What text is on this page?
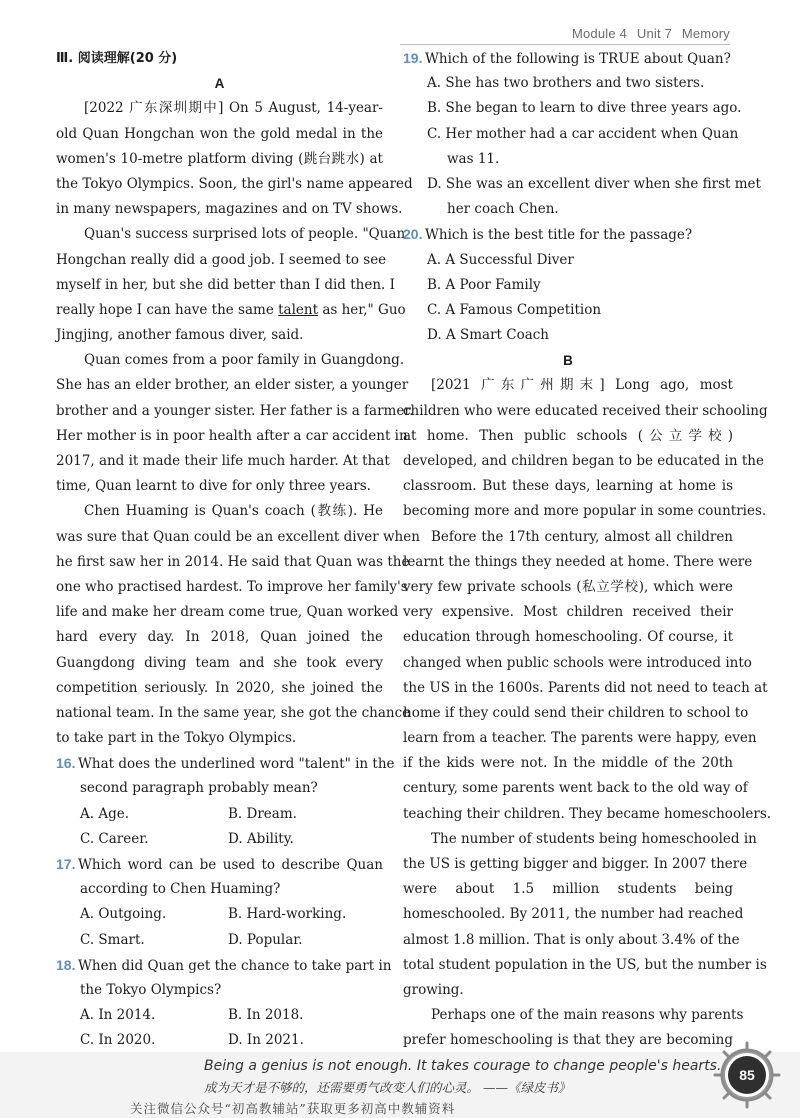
Module 4 Unit 7 Memory
Ⅲ. 阅读理解(20 分)
A
[2022 广东深圳期中] On 5 August, 14-year-
old Quan Hongchan won the gold medal in the
women's 10-metre platform diving (跳台跳水) at
the Tokyo Olympics. Soon, the girl's name appeared
in many newspapers, magazines and on TV shows.
Quan's success surprised lots of people. "Quan
Hongchan really did a good job. I seemed to see
myself in her, but she did better than I did then. I
really hope I can have the same talent as her," Guo
Jingjing, another famous diver, said.
Quan comes from a poor family in Guangdong.
She has an elder brother, an elder sister, a younger
brother and a younger sister. Her father is a farmer.
Her mother is in poor health after a car accident in
2017, and it made their life much harder. At that
time, Quan learnt to dive for only three years.
Chen Huaming is Quan's coach (教练). He
was sure that Quan could be an excellent diver when
he first saw her in 2014. He said that Quan was the
one who practised hardest. To improve her family's
life and make her dream come true, Quan worked
hard every day. In 2018, Quan joined the
Guangdong diving team and she took every
competition seriously. In 2020, she joined the
national team. In the same year, she got the chance
to take part in the Tokyo Olympics.
16. What does the underlined word "talent" in the
second paragraph probably mean?
A. Age.	B. Dream.
C. Career.	D. Ability.
17. Which word can be used to describe Quan
according to Chen Huaming?
A. Outgoing.	B. Hard-working.
C. Smart.	D. Popular.
18. When did Quan get the chance to take part in
the Tokyo Olympics?
A. In 2014.	B. In 2018.
C. In 2020.	D. In 2021.
19. Which of the following is TRUE about Quan?
A. She has two brothers and two sisters.
B. She began to learn to dive three years ago.
C. Her mother had a car accident when Quan
was 11.
D. She was an excellent diver when she first met
her coach Chen.
20. Which is the best title for the passage?
A. A Successful Diver
B. A Poor Family
C. A Famous Competition
D. A Smart Coach
B
[2021 广东广州期末] Long ago, most
children who were educated received their schooling
at home. Then public schools (公立学校)
developed, and children began to be educated in the
classroom. But these days, learning at home is
becoming more and more popular in some countries.
Before the 17th century, almost all children
learnt the things they needed at home. There were
very few private schools (私立学校), which were
very expensive. Most children received their
education through homeschooling. Of course, it
changed when public schools were introduced into
the US in the 1600s. Parents did not need to teach at
home if they could send their children to school to
learn from a teacher. The parents were happy, even
if the kids were not. In the middle of the 20th
century, some parents went back to the old way of
teaching their children. They became homeschoolers.
The number of students being homeschooled in
the US is getting bigger and bigger. In 2007 there
were about 1.5 million students being
homeschooled. By 2011, the number had reached
almost 1.8 million. That is only about 3.4% of the
total student population in the US, but the number is
growing.
Perhaps one of the main reasons why parents
prefer homeschooling is that they are becoming
Being a genius is not enough. It takes courage to change people's hearts.
成为天才是不够的，还需要勇气改变人们的心灵。 ——《绿皮书》
关注微信公众号“初高教辅站”获取更多初高中教辅资料
85
